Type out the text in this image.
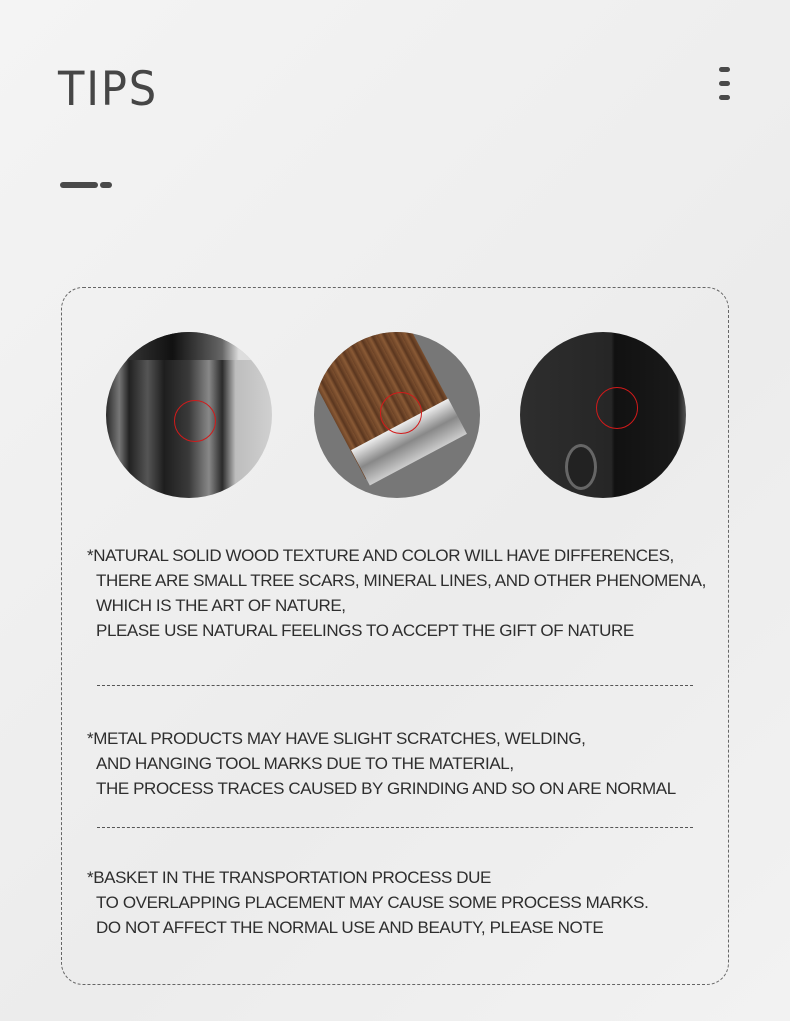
TIPS
*NATURAL SOLID WOOD TEXTURE AND COLOR WILL HAVE DIFFERENCES,
THERE ARE SMALL TREE SCARS, MINERAL LINES, AND OTHER PHENOMENA,
WHICH IS THE ART OF NATURE,
PLEASE USE NATURAL FEELINGS TO ACCEPT THE GIFT OF NATURE
*METAL PRODUCTS MAY HAVE SLIGHT SCRATCHES, WELDING,
AND HANGING TOOL MARKS DUE TO THE MATERIAL,
THE PROCESS TRACES CAUSED BY GRINDING AND SO ON ARE NORMAL
*BASKET IN THE TRANSPORTATION PROCESS DUE
TO OVERLAPPING PLACEMENT MAY CAUSE SOME PROCESS MARKS.
DO NOT AFFECT THE NORMAL USE AND BEAUTY, PLEASE NOTE
